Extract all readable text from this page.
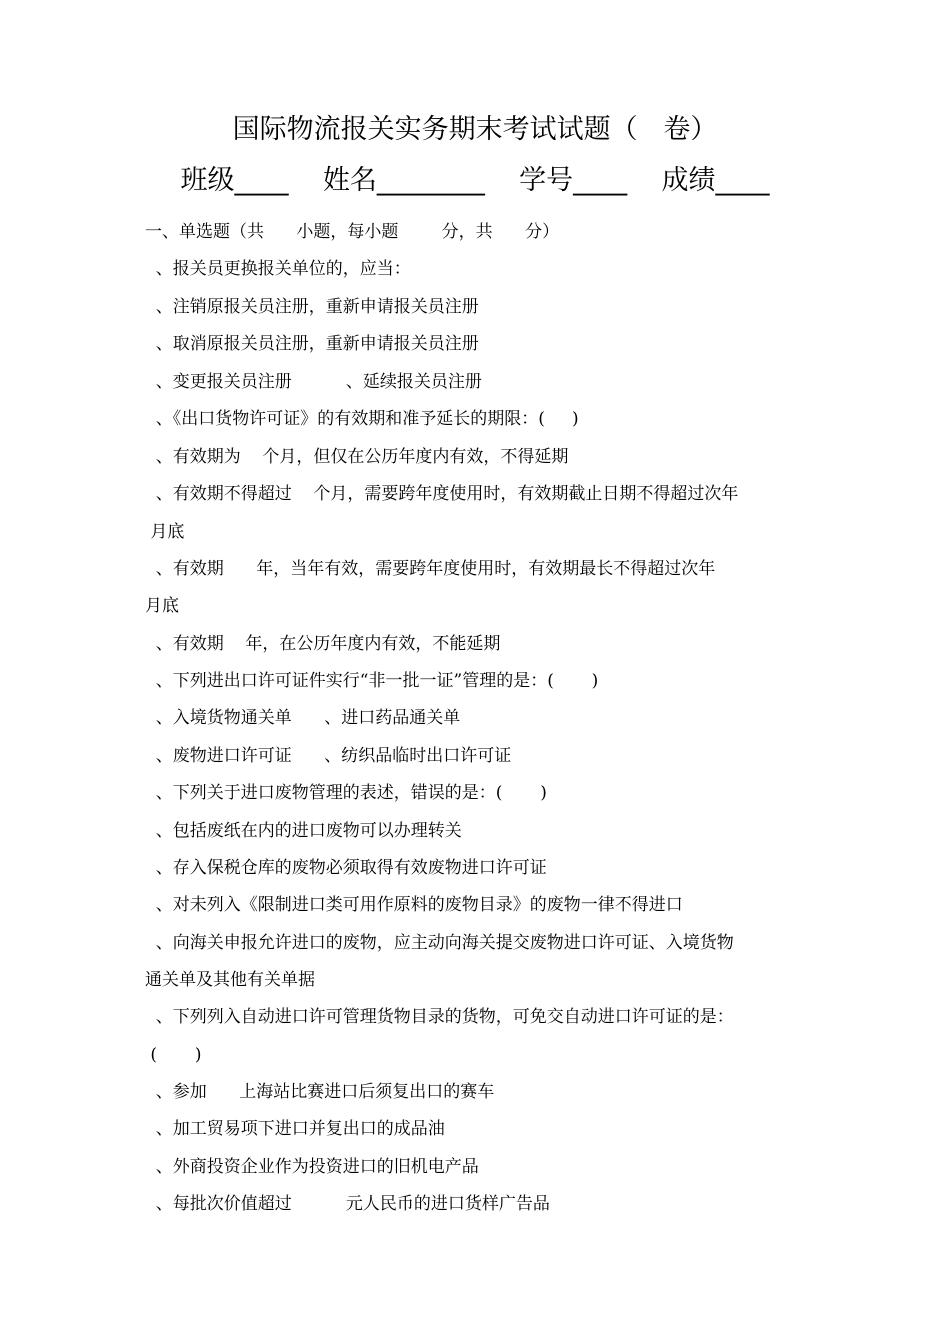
国际物流报关实务期末考试试题（   卷）
班级____    姓名________    学号____    成绩____
一、单选题（共      小题，每小题        分，共      分）
、报关员更换报关单位的，应当：
、注销原报关员注册，重新申请报关员注册
、取消原报关员注册，重新申请报关员注册
、变更报关员注册          、延续报关员注册
、《出口货物许可证》的有效期和准予延长的期限：(     )
、有效期为    个月，但仅在公历年度内有效，不得延期
、有效期不得超过    个月，需要跨年度使用时，有效期截止日期不得超过次年
月底
、有效期      年，当年有效，需要跨年度使用时，有效期最长不得超过次年
月底
、有效期    年，在公历年度内有效，不能延期
、下列进出口许可证件实行“非一批一证”管理的是：(       )
、入境货物通关单      、进口药品通关单
、废物进口许可证      、纺织品临时出口许可证
、下列关于进口废物管理的表述，错误的是：(       )
、包括废纸在内的进口废物可以办理转关
、存入保税仓库的废物必须取得有效废物进口许可证
、对未列入《限制进口类可用作原料的废物目录》的废物一律不得进口
、向海关申报允许进口的废物，应主动向海关提交废物进口许可证、入境货物
通关单及其他有关单据
、下列列入自动进口许可管理货物目录的货物，可免交自动进口许可证的是：
(       )
、参加      上海站比赛进口后须复出口的赛车
、加工贸易项下进口并复出口的成品油
、外商投资企业作为投资进口的旧机电产品
、每批次价值超过          元人民币的进口货样广告品
